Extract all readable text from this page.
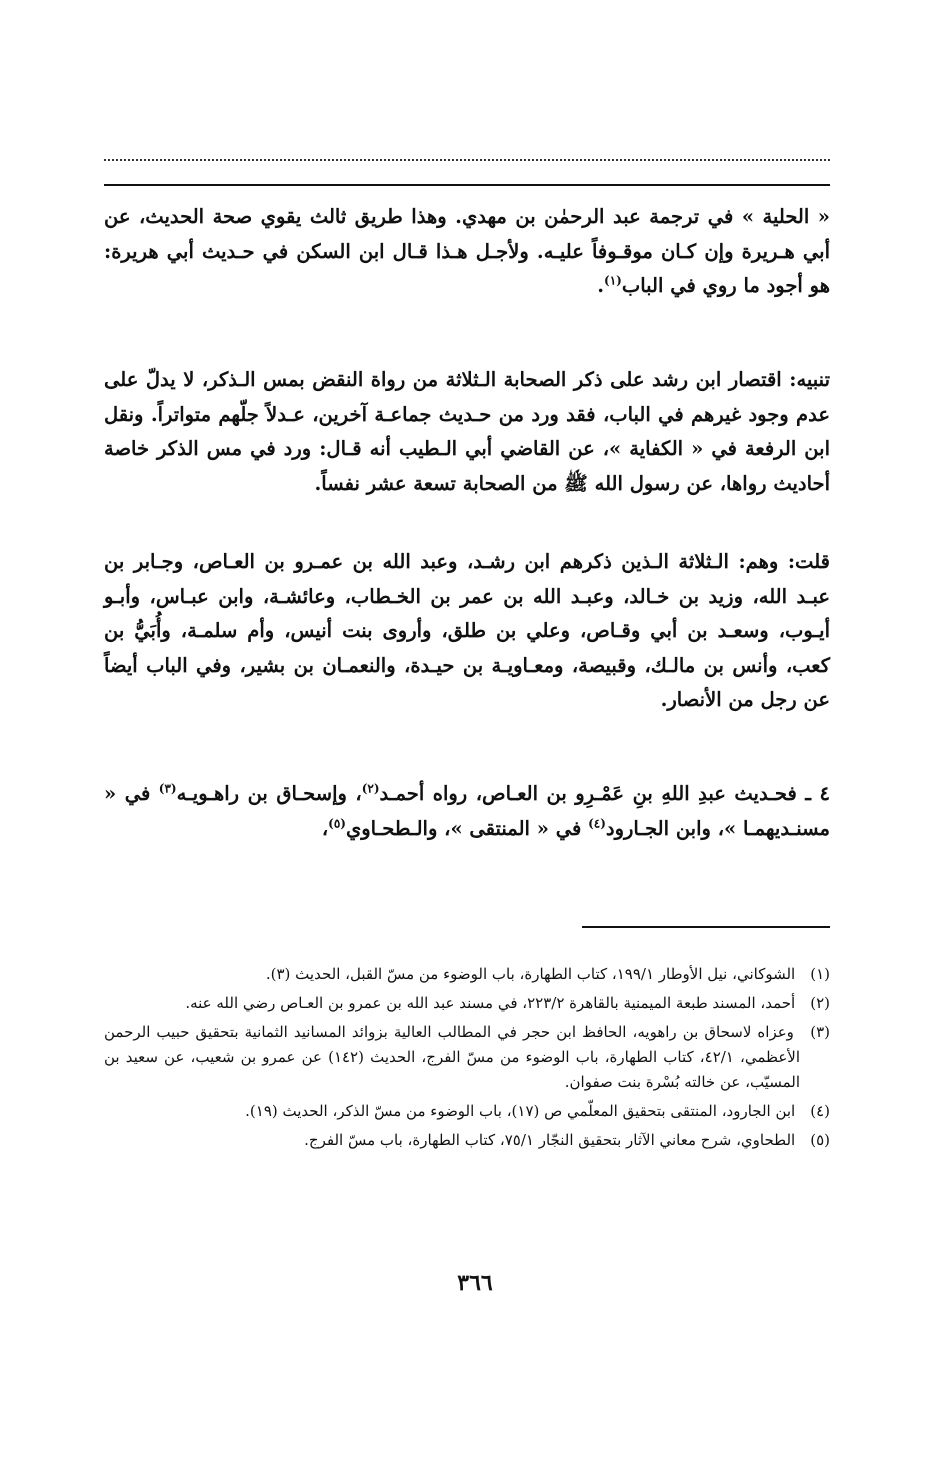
« الحلية » في ترجمة عبد الرحمٰن بن مهدي. وهذا طريق ثالث يقوي صحة الحديث، عن أبي هـريرة وإن كـان موقـوفاً عليـه. ولأجـل هـذا قـال ابن السكن في حـديث أبي هريرة: هو أجود ما روي في الباب$^{(١)}$.

تنبيه: اقتصار ابن رشد على ذكر الصحابة الـثلاثة من رواة النقض بمس الـذكر، لا يدلّ على عدم وجود غيرهم في الباب، فقد ورد من حـديث جماعـة آخرين، عـدلاً جلّهم متواتراً. ونقل ابن الرفعة في « الكفاية »، عن القاضي أبي الـطيب أنه قـال: ورد في مس الذكر خاصة أحاديث رواها، عن رسول الله ﷺ من الصحابة تسعة عشر نفساً.

قلت: وهم: الـثلاثة الـذين ذكرهم ابن رشـد، وعبد الله بن عمـرو بن العـاص، وجـابر بن عبـد الله، وزيد بن خـالد، وعبـد الله بن عمر بن الخـطاب، وعائشـة، وابن عبـاس، وأبـو أيـوب، وسعـد بن أبي وقـاص، وعلي بن طلق، وأروى بنت أنيس، وأم سلمـة، وأُبَيُّ بن كعب، وأنس بن مالـك، وقبيصة، ومعـاويـة بن حيـدة، والنعمـان بن بشير، وفي الباب أيضاً عن رجل من الأنصار.

٤ ـ فحـديث عبدِ اللهِ بنِ عَمْـرِو بن العـاص، رواه أحمـد$^{(٢)}$، وإسحـاق بن راهـويـه$^{(٣)}$ في « مسنـديهمـا »، وابن الجـارود$^{(٤)}$ في « المنتقى »، والـطحـاوي$^{(٥)}$،

(١) الشوكاني، نيل الأوطار ١٩٩/١، كتاب الطهارة، باب الوضوء من مسّ القبل، الحديث (٣).
(٢) أحمد، المسند طبعة الميمنية بالقاهرة ٢٢٣/٢، في مسند عبد الله بن عمرو بن العـاص رضي الله عنه.
(٣) وعزاه لاسحاق بن راهويه، الحافظ ابن حجر في المطالب العالية بزوائد المسانيد الثمانية بتحقيق حبيب الرحمن الأعظمي، ٤٢/١، كتاب الطهارة، باب الوضوء من مسّ الفرج، الحديث (١٤٢) عن عمرو بن شعيب، عن سعيد بن المسيّب، عن خالته بُسْرة بنت صفوان.
(٤) ابن الجارود، المنتقى بتحقيق المعلّمي ص (١٧)، باب الوضوء من مسّ الذكر، الحديث (١٩).
(٥) الطحاوي، شرح معاني الآثار بتحقيق النجّار ٧٥/١، كتاب الطهارة، باب مسّ الفرج.
٣٦٦
